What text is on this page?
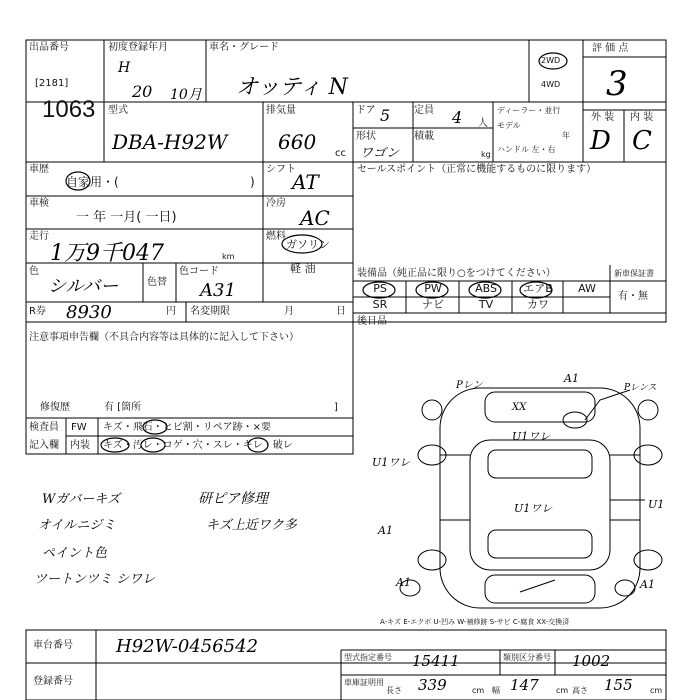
出品番号
[2181]
1063
初度登録年月
H
20 10月
車名・グレード
オッティ N
2WD
4WD
評 価 点
3
外 装 内 装
D C
型式
DBA-H92W
排気量
660 cc
ドア 5 定員 4 人
形状
ワゴン
積載
kg
ディーラー・並行
モデル
年
ハンドル 左・右
車歴
自家用・(	)
シフト
AT
車検
一 年 一月( 一日)
冷房
AC
走行
1万9千047	km
燃料
ガソリン
軽 油
色
シルバー	色替
色コード
A31
R券 8930	円 名変期限	月	日
セールスポイント（正常に機能するものに限ります）
装備品（純正品に限り○をつけてください）	新車保証書
有・無
PS	PW	ABS	エアB	AW
SR	ナビ	TV	カワ
後日品
注意事項申告欄（不具合内容等は具体的に記入して下さい）
修復歴	有 [箇所	]
検査員
記入欄
FW キズ・飛石・ヒビ割・リペア跡・×要
内装 キズ・汚レ・コゲ・穴・スレ・キレ・破レ
Wガバーキズ
オイルニジミ
ペイント色
ツートンツミ シワレ
研ピア修理
キズ上近ワク多
XX
U1ワレ
U1ワレ
U1ワレ
A1
A1
U1
A1
A1
Pレン	Pレンス
A-キズ E-エクボ U-凹み W-補修跡 S-サビ C-腐食 XX-交換済
車台番号 H92W-0456542
登録番号
型式指定番号 15411	類別区分番号 1002
車庫証明用
長さ 339	cm 幅 147 cm 高さ 155 cm
